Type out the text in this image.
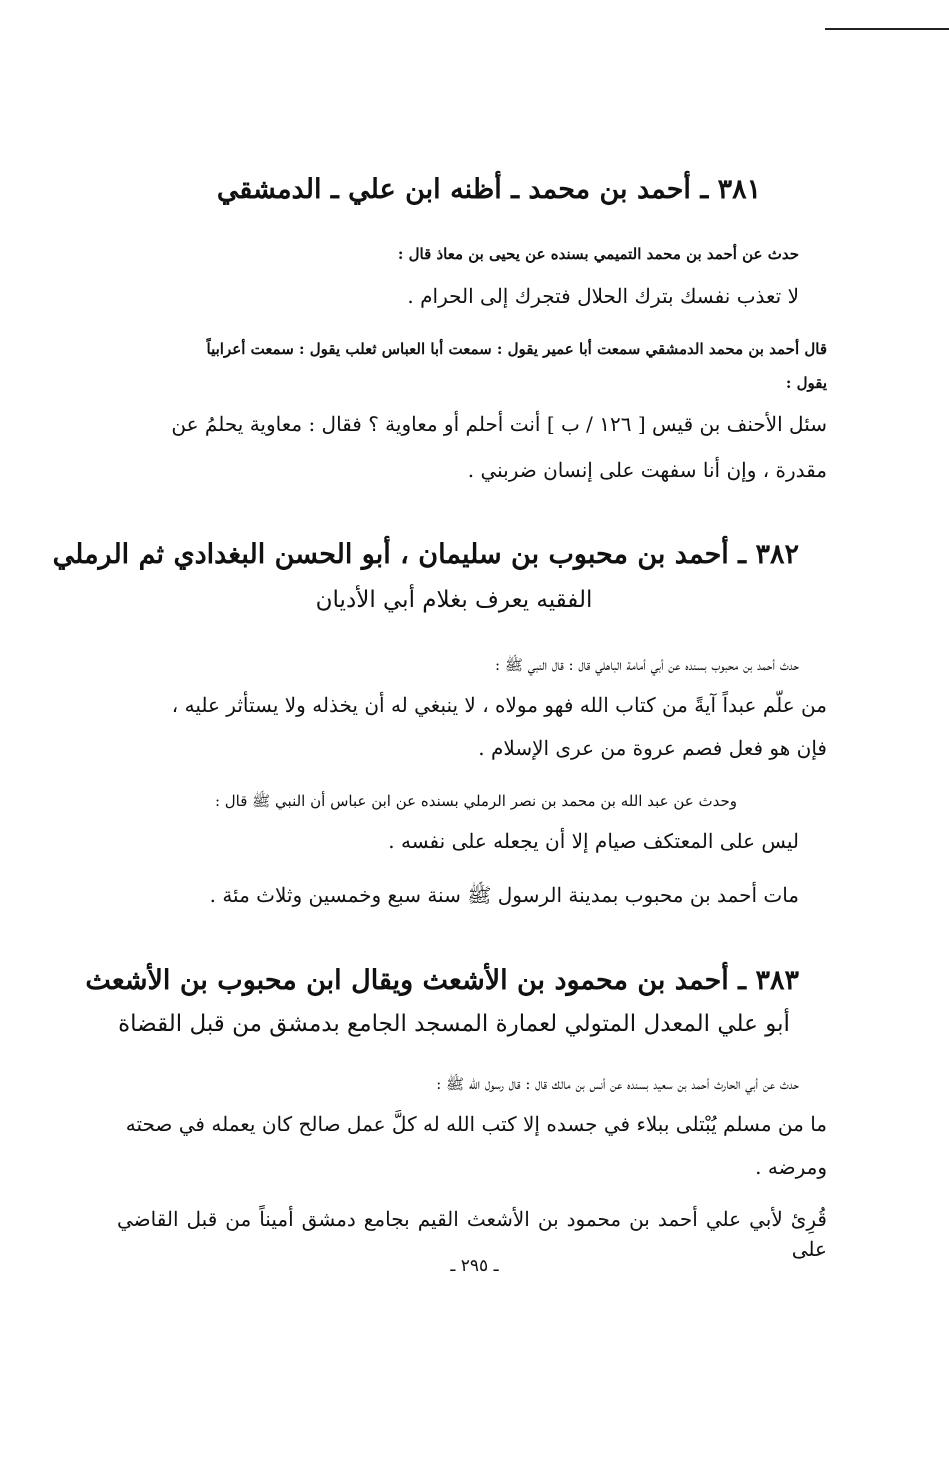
٣٨١ ـ أحمد بن محمد ـ أظنه ابن علي ـ الدمشقي
حدث عن أحمد بن محمد التميمي بسنده عن يحيى بن معاذ قال :
لا تعذب نفسك بترك الحلال فتجرك إلى الحرام .
قال أحمد بن محمد الدمشقي سمعت أبا عمير يقول : سمعت أبا العباس ثعلب يقول : سمعت أعرابياً
يقول :
سئل الأحنف بن قيس [ ١٢٦ / ب ] أنت أحلم أو معاوية ؟ فقال : معاوية يحلمُ عن
مقدرة ، وإن أنا سفهت على إنسان ضربني .
٣٨٢ ـ أحمد بن محبوب بن سليمان ، أبو الحسن البغدادي ثم الرملي
الفقيه يعرف بغلام أبي الأديان
حدث أحمد بن محبوب بسنده عن أبي أمامة الباهلي قال : قال النبي ﷺ :
من علّم عبداً آيةً من كتاب الله فهو مولاه ، لا ينبغي له أن يخذله ولا يستأثر عليه ،
فإن هو فعل فصم عروة من عرى الإسلام .
وحدث عن عبد الله بن محمد بن نصر الرملي بسنده عن ابن عباس أن النبي ﷺ قال :
ليس على المعتكف صيام إلا أن يجعله على نفسه .
مات أحمد بن محبوب بمدينة الرسول ﷺ سنة سبع وخمسين وثلاث مئة .
٣٨٣ ـ أحمد بن محمود بن الأشعث ويقال ابن محبوب بن الأشعث
أبو علي المعدل المتولي لعمارة المسجد الجامع بدمشق من قبل القضاة
حدث عن أبي الحارث أحمد بن سعيد بسنده عن أنس بن مالك قال : قال رسول الله ﷺ :
ما من مسلم يُبْتلى ببلاء في جسده إلا كتب الله له كلَّ عمل صالح كان يعمله في صحته
ومرضه .
قُرِئ لأبي علي أحمد بن محمود بن الأشعث القيم بجامع دمشق أميناً من قبل القاضي على
ـ ٢٩٥ ـ
